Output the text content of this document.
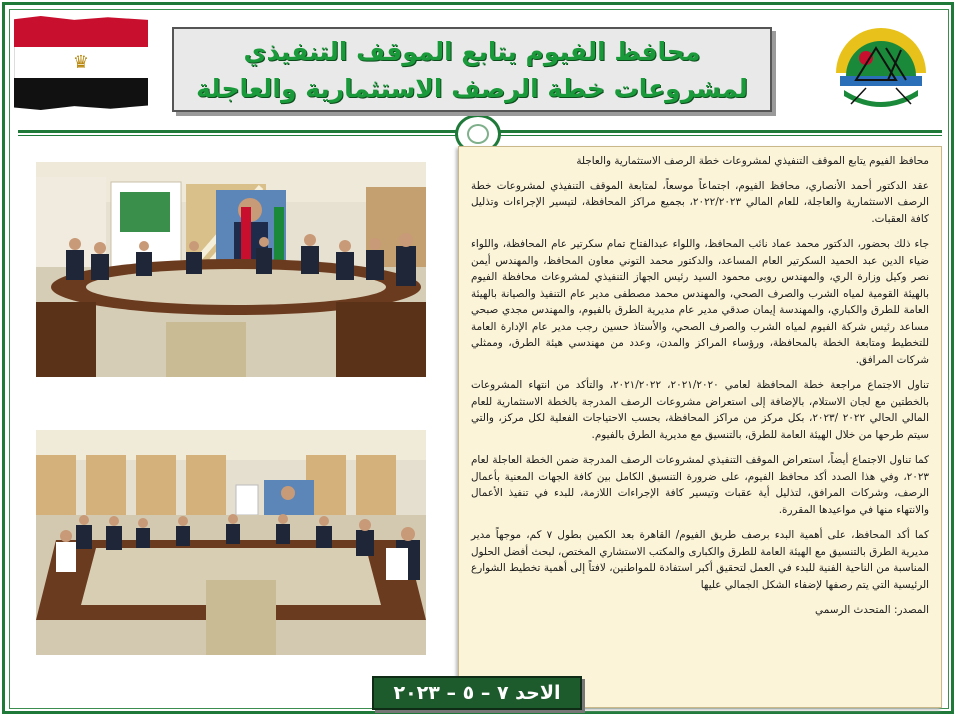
♛	محافظ الفيوم يتابع الموقف التنفيذي لمشروعات خطة الرصف الاستثمارية والعاجلة

محافظ الفيوم يتابع الموقف التنفيذي لمشروعات خطة الرصف الاستثمارية والعاجلة

عقد الدكتور أحمد الأنصاري، محافظ الفيوم، اجتماعاً موسعاً، لمتابعة الموقف التنفيذي لمشروعات خطة الرصف الاستثمارية والعاجلة، للعام المالي ٢٠٢٢/٢٠٢٣، بجميع مراكز المحافظة، لتيسير الإجراءات وتذليل كافة العقبات.

جاء ذلك بحضور، الدكتور محمد عماد نائب المحافظ، واللواء عبدالفتاح تمام سكرتير عام المحافظة، واللواء ضياء الدين عبد الحميد السكرتير العام المساعد، والدكتور محمد التوني معاون المحافظ، والمهندس أيمن نصر وكيل وزارة الري، والمهندس روبى محمود السيد رئيس الجهاز التنفيذي لمشروعات محافظة الفيوم بالهيئة القومية لمياه الشرب والصرف الصحي، والمهندس محمد مصطفى مدير عام التنفيذ والصيانة بالهيئة العامة للطرق والكباري، والمهندسة إيمان صدقي مدير عام مديرية الطرق بالفيوم، والمهندس مجدي صبحي مساعد رئيس شركة الفيوم لمياه الشرب والصرف الصحي، والأستاذ حسين رجب مدير عام الإدارة العامة للتخطيط ومتابعة الخطة بالمحافظة، ورؤساء المراكز والمدن، وعدد من مهندسي هيئة الطرق، وممثلي شركات المرافق.

تناول الاجتماع مراجعة خطة المحافظة لعامي ٢٠٢١/٢٠٢٠، ٢٠٢١/٢٠٢٢، والتأكد من انتهاء المشروعات بالخطتين مع لجان الاستلام، بالإضافة إلى استعراض مشروعات الرصف المدرجة بالخطة الاستثمارية للعام المالي الحالي ٢٠٢٢ /٢٠٢٣، بكل مركز من مراكز المحافظة، بحسب الاحتياجات الفعلية لكل مركز، والتي سيتم طرحها من خلال الهيئة العامة للطرق، بالتنسيق مع مديرية الطرق بالفيوم.

كما تناول الاجتماع أيضاً، استعراض الموقف التنفيذي لمشروعات الرصف المدرجة ضمن الخطة العاجلة لعام ٢٠٢٣، وفي هذا الصدد أكد محافظ الفيوم، على ضرورة التنسيق الكامل بين كافة الجهات المعنية بأعمال الرصف، وشركات المرافق، لتذليل أية عقبات وتيسير كافة الإجراءات اللازمة، للبدء في تنفيذ الأعمال والانتهاء منها في مواعيدها المقررة.

كما أكد المحافظ، على أهمية البدء برصف طريق الفيوم/ القاهرة بعد الكمين بطول ٧ كم، موجهاً مدير مديرية الطرق بالتنسيق مع الهيئة العامة للطرق والكبارى والمكتب الاستشاري المختص، لبحث أفضل الحلول المناسبة من الناحية الفنية للبدء في العمل لتحقيق أكبر استفادة للمواطنين، لافتاً إلى أهمية تخطيط الشوارع الرئيسية التي يتم رصفها لإضفاء الشكل الجمالي عليها

المصدر: المتحدث الرسمي

الاحد ٧ – ٥ – ٢٠٢٣
